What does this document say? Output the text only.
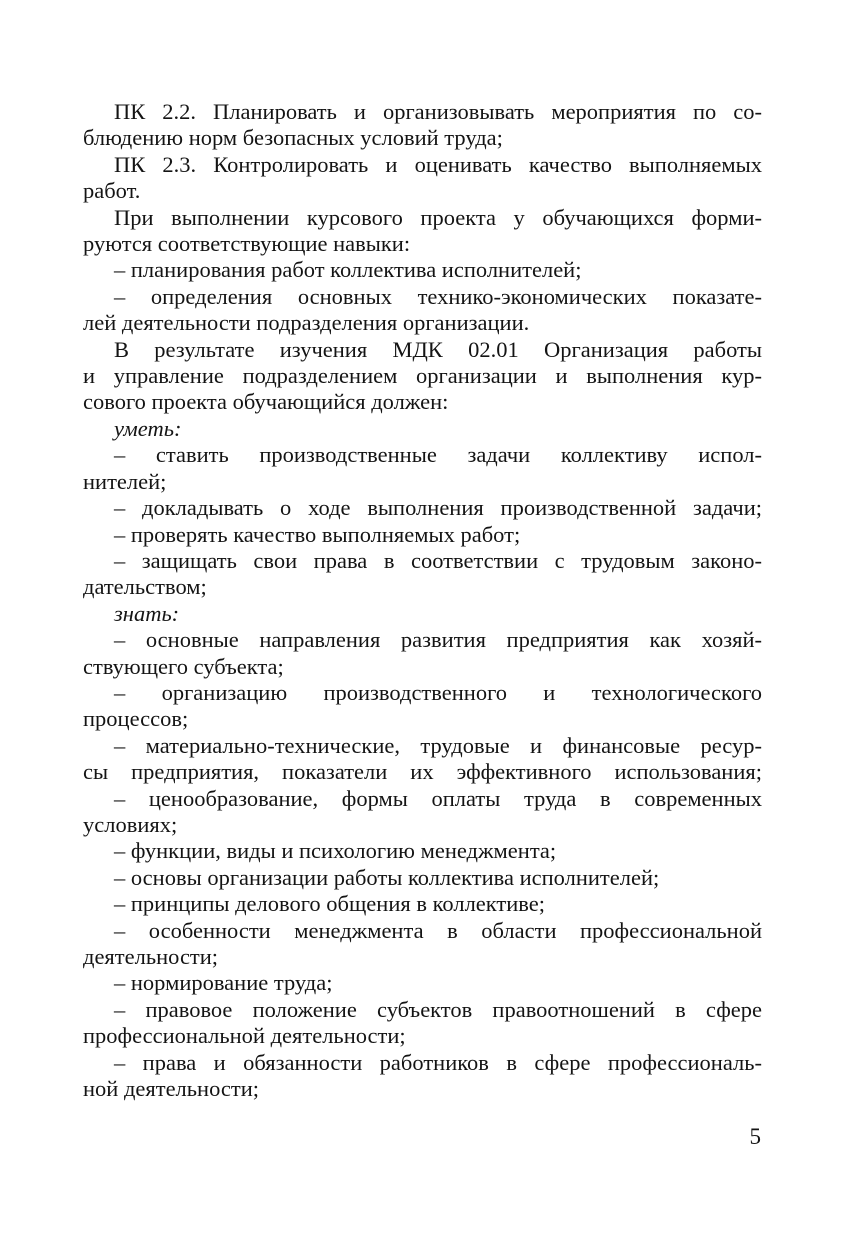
ПК 2.2. Планировать и организовывать мероприятия по со-

блюдению норм безопасных условий труда;

ПК 2.3. Контролировать и оценивать качество выполняемых

работ.

При выполнении курсового проекта у обучающихся форми-

руются соответствующие навыки:

– планирования работ коллектива исполнителей;

– определения основных технико-экономических показате-

лей деятельности подразделения организации.

В результате изучения МДК 02.01 Организация работы

и управление подразделением организации и выполнения кур-

сового проекта обучающийся должен:

уметь:

– ставить производственные задачи коллективу испол-

нителей;

– докладывать о ходе выполнения производственной задачи;

– проверять качество выполняемых работ;

– защищать свои права в соответствии с трудовым законо-

дательством;

знать:

– основные направления развития предприятия как хозяй-

ствующего субъекта;

– организацию производственного и технологического

процессов;

– материально-технические, трудовые и финансовые ресур-

сы предприятия, показатели их эффективного использования;

– ценообразование, формы оплаты труда в современных

условиях;

– функции, виды и психологию менеджмента;

– основы организации работы коллектива исполнителей;

– принципы делового общения в коллективе;

– особенности менеджмента в области профессиональной

деятельности;

– нормирование труда;

– правовое положение субъектов правоотношений в сфере

профессиональной деятельности;

– права и обязанности работников в сфере профессиональ-

ной деятельности;

5
